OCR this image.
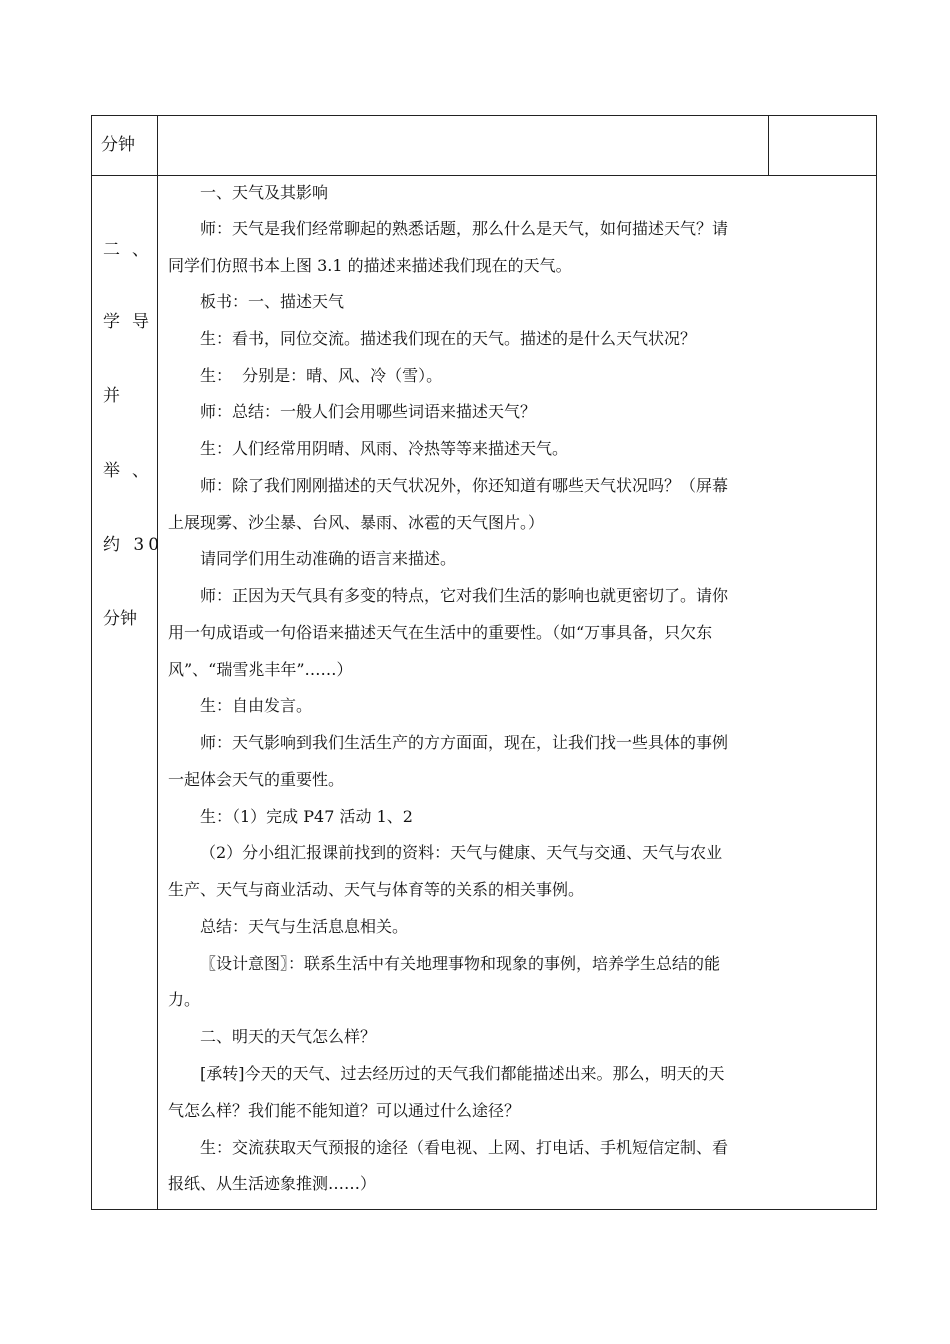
分钟
二、
学导
并
举、
约 30
分钟
一、天气及其影响
师：天气是我们经常聊起的熟悉话题，那么什么是天气，如何描述天气？请
同学们仿照书本上图 3.1 的描述来描述我们现在的天气。
板书：一、描述天气
生：看书，同位交流。描述我们现在的天气。描述的是什么天气状况？
生：  分别是：晴、风、冷（雪）。
师：总结：一般人们会用哪些词语来描述天气？
生：人们经常用阴晴、风雨、冷热等等来描述天气。
师：除了我们刚刚描述的天气状况外，你还知道有哪些天气状况吗？（屏幕
上展现雾、沙尘暴、台风、暴雨、冰雹的天气图片。）
请同学们用生动准确的语言来描述。
师：正因为天气具有多变的特点，它对我们生活的影响也就更密切了。请你
用一句成语或一句俗语来描述天气在生活中的重要性。（如“万事具备，只欠东
风”、“瑞雪兆丰年”……）
生：自由发言。
师：天气影响到我们生活生产的方方面面，现在，让我们找一些具体的事例
一起体会天气的重要性。
生：（1）完成 P47 活动 1、2
（2）分小组汇报课前找到的资料：天气与健康、天气与交通、天气与农业
生产、天气与商业活动、天气与体育等的关系的相关事例。
总结：天气与生活息息相关。
〖设计意图〗：联系生活中有关地理事物和现象的事例，培养学生总结的能
力。
二、明天的天气怎么样？
[承转]今天的天气、过去经历过的天气我们都能描述出来。那么，明天的天
气怎么样？我们能不能知道？可以通过什么途径？
生：交流获取天气预报的途径（看电视、上网、打电话、手机短信定制、看
报纸、从生活迹象推测……）
